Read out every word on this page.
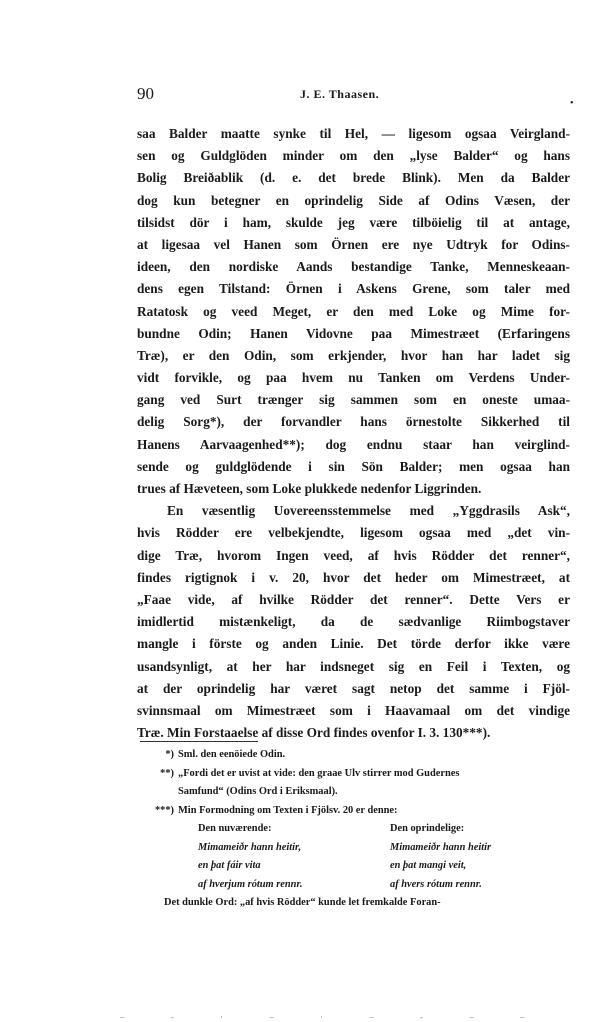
90	J. E. Thaasen.
•
saa Balder maatte synke til Hel, — ligesom ogsaa Veirgland-
sen og Guldglöden minder om den „lyse Balder“ og hans
Bolig Breiðablik (d. e. det brede Blink). Men da Balder
dog kun betegner en oprindelig Side af Odins Væsen, der
tilsidst dör i ham, skulde jeg være tilböielig til at antage,
at ligesaa vel Hanen som Örnen ere nye Udtryk for Odins-
ideen, den nordiske Aands bestandige Tanke, Menneskeaan-
dens egen Tilstand: Örnen i Askens Grene, som taler med
Ratatosk og veed Meget, er den med Loke og Mime for-
bundne Odin; Hanen Vidovne paa Mimestræet (Erfaringens
Træ), er den Odin, som erkjender, hvor han har ladet sig
vidt forvikle, og paa hvem nu Tanken om Verdens Under-
gang ved Surt trænger sig sammen som en oneste umaa-
delig Sorg*), der forvandler hans örnestolte Sikkerhed til
Hanens Aarvaagenhed**); dog endnu staar han veirglind-
sende og guldglödende i sin Sön Balder; men ogsaa han
trues af Hæveteen, som Loke plukkede nedenfor Liggrinden.
En væsentlig Uovereensstemmelse med „Yggdrasils Ask“,
hvis Rödder ere velbekjendte, ligesom ogsaa med „det vin-
dige Træ, hvorom Ingen veed, af hvis Rödder det renner“,
findes rigtignok i v. 20, hvor det heder om Mimestræet, at
„Faae vide, af hvilke Rödder det renner“. Dette Vers er
imidlertid mistænkeligt, da de sædvanlige Riimbogstaver
mangle i förste og anden Linie. Det törde derfor ikke være
usandsynligt, at her har indsneget sig en Feil i Texten, og
at der oprindelig har været sagt netop det samme i Fjöl-
svinnsmaal om Mimestræet som i Haavamaal om det vindige
Træ. Min Forstaaelse af disse Ord findes ovenfor I. 3. 130***).
*) Sml. den eenöiede Odin.
**) „Fordi det er uvist at vide: den graae Ulv stirrer mod Gudernes
Samfund“ (Odins Ord i Eriksmaal).
***) Min Formodning om Texten i Fjölsv. 20 er denne:
Den nuværende:	Den oprindelige:
Mimameiðr hann heitir,	Mimameiðr hann heitir
en þat fáir vita	en þat mangi veit,
af hverjum rótum rennr.	af hvers rótum rennr.
Det dunkle Ord: „af hvis Rödder“ kunde let fremkalde Foran-
– - · – · – - – –
